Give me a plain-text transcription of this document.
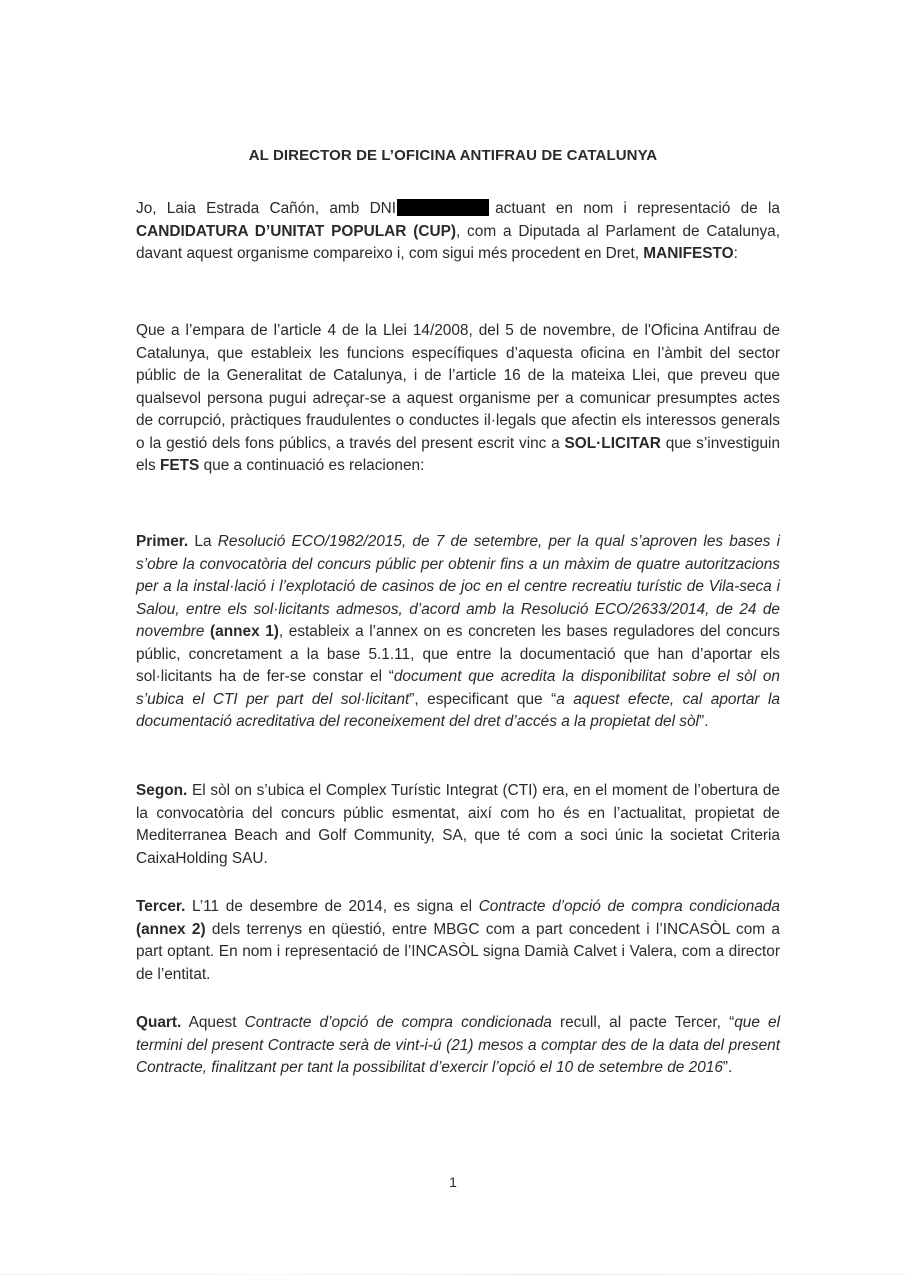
AL DIRECTOR DE L’OFICINA ANTIFRAU DE CATALUNYA

Jo, Laia Estrada Cañón, amb DNI	actuant en nom i representació de la CANDIDATURA D’UNITAT POPULAR (CUP), com a Diputada al Parlament de Catalunya, davant aquest organisme compareixo i, com sigui més procedent en Dret, MANIFESTO:

Que a l’empara de l’article 4 de la Llei 14/2008, del 5 de novembre, de l'Oficina Antifrau de Catalunya, que estableix les funcions específiques d’aquesta oficina en l’àmbit del sector públic de la Generalitat de Catalunya, i de l’article 16 de la mateixa Llei, que preveu que qualsevol persona pugui adreçar-se a aquest organisme per a comunicar presumptes actes de corrupció, pràctiques fraudulentes o conductes il·legals que afectin els interessos generals o la gestió dels fons públics, a través del present escrit vinc a SOL·LICITAR que s’investiguin els FETS que a continuació es relacionen:

Primer. La Resolució ECO/1982/2015, de 7 de setembre, per la qual s’aproven les bases i s’obre la convocatòria del concurs públic per obtenir fins a un màxim de quatre autoritzacions per a la instal·lació i l’explotació de casinos de joc en el centre recreatiu turístic de Vila-seca i Salou, entre els sol·licitants admesos, d’acord amb la Resolució ECO/2633/2014, de 24 de novembre (annex 1), estableix a l’annex on es concreten les bases reguladores del concurs públic, concretament a la base 5.1.11, que entre la documentació que han d’aportar els sol·licitants ha de fer-se constar el “document que acredita la disponibilitat sobre el sòl on s’ubica el CTI per part del sol·licitant”, especificant que “a aquest efecte, cal aportar la documentació acreditativa del reconeixement del dret d’accés a la propietat del sòl”.

Segon. El sòl on s’ubica el Complex Turístic Integrat (CTI) era, en el moment de l’obertura de la convocatòria del concurs públic esmentat, així com ho és en l’actualitat, propietat de Mediterranea Beach and Golf Community, SA, que té com a soci únic la societat Criteria CaixaHolding SAU.

Tercer. L’11 de desembre de 2014, es signa el Contracte d’opció de compra condicionada (annex 2) dels terrenys en qüestió, entre MBGC com a part concedent i l’INCASÒL com a part optant. En nom i representació de l’INCASÒL signa Damià Calvet i Valera, com a director de l’entitat.

Quart. Aquest Contracte d’opció de compra condicionada recull, al pacte Tercer, “que el termini del present Contracte serà de vint-i-ú (21) mesos a comptar des de la data del present Contracte, finalitzant per tant la possibilitat d’exercir l’opció el 10 de setembre de 2016”.

1
